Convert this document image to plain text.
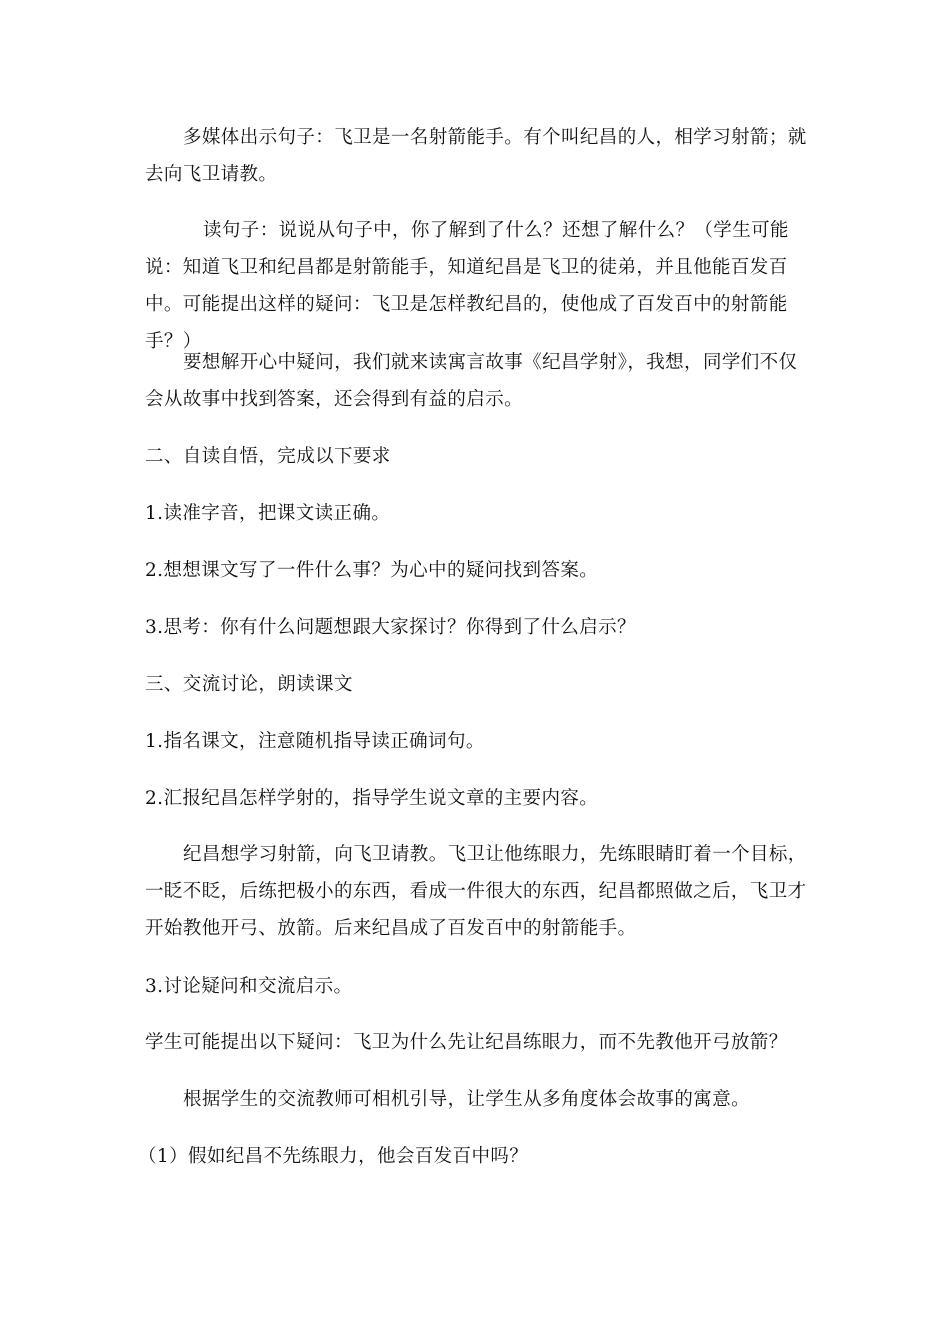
多媒体出示句子：飞卫是一名射箭能手。有个叫纪昌的人，相学习射箭；就去向飞卫请教。

读句子：说说从句子中，你了解到了什么？还想了解什么？（学生可能说：知道飞卫和纪昌都是射箭能手，知道纪昌是飞卫的徒弟，并且他能百发百中。可能提出这样的疑问：飞卫是怎样教纪昌的，使他成了百发百中的射箭能手？）

要想解开心中疑问，我们就来读寓言故事《纪昌学射》，我想，同学们不仅会从故事中找到答案，还会得到有益的启示。

二、自读自悟，完成以下要求

1.读准字音，把课文读正确。

2.想想课文写了一件什么事？为心中的疑问找到答案。

3.思考：你有什么问题想跟大家探讨？你得到了什么启示？

三、交流讨论，朗读课文

1.指名课文，注意随机指导读正确词句。

2.汇报纪昌怎样学射的，指导学生说文章的主要内容。

纪昌想学习射箭，向飞卫请教。飞卫让他练眼力，先练眼睛盯着一个目标，一眨不眨，后练把极小的东西，看成一件很大的东西，纪昌都照做之后，飞卫才开始教他开弓、放箭。后来纪昌成了百发百中的射箭能手。

3.讨论疑问和交流启示。

学生可能提出以下疑问：飞卫为什么先让纪昌练眼力，而不先教他开弓放箭？

根据学生的交流教师可相机引导，让学生从多角度体会故事的寓意。

（1）假如纪昌不先练眼力，他会百发百中吗？
